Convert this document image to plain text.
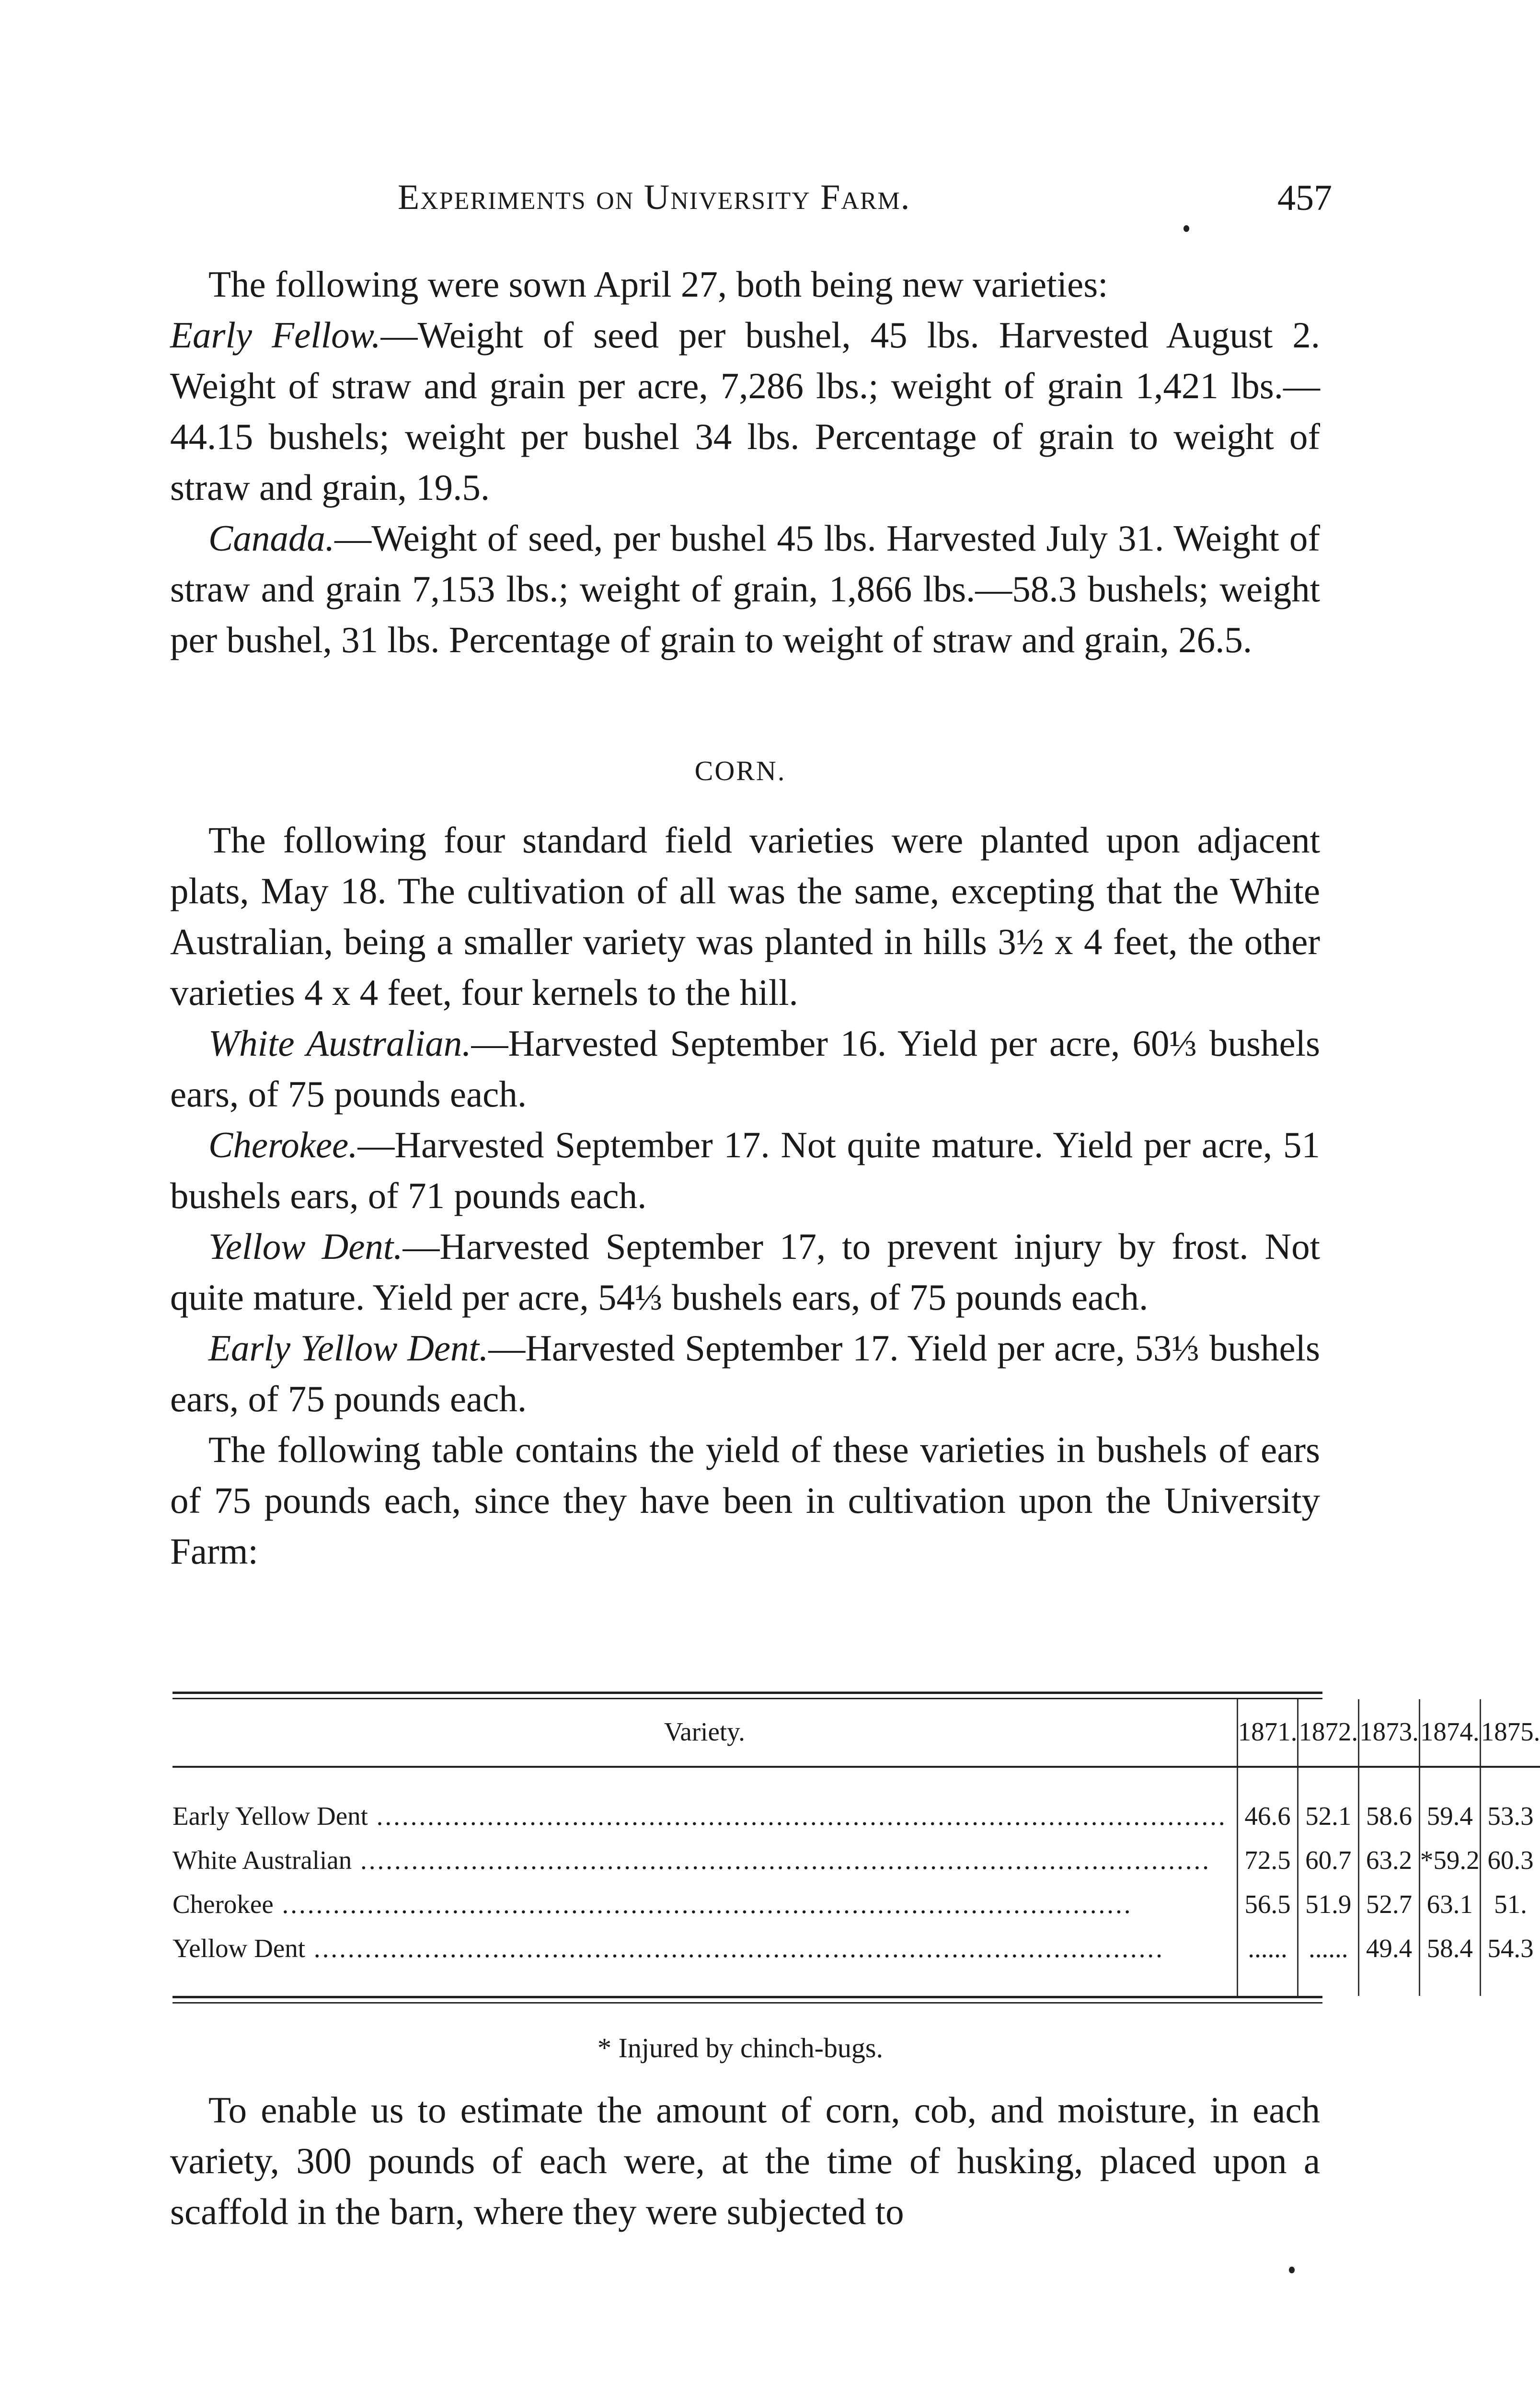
Experiments on University Farm.	457

The following were sown April 27, both being new varieties:

Early Fellow.—Weight of seed per bushel, 45 lbs. Harvested August 2. Weight of straw and grain per acre, 7,286 lbs.; weight of grain 1,421 lbs.—44.15 bushels; weight per bushel 34 lbs. Percentage of grain to weight of straw and grain, 19.5.

Canada.—Weight of seed, per bushel 45 lbs. Harvested July 31. Weight of straw and grain 7,153 lbs.; weight of grain, 1,866 lbs.—58.3 bushels; weight per bushel, 31 lbs. Percentage of grain to weight of straw and grain, 26.5.

CORN.

The following four standard field varieties were planted upon adjacent plats, May 18. The cultivation of all was the same, excepting that the White Australian, being a smaller variety was planted in hills 3½ x 4 feet, the other varieties 4 x 4 feet, four kernels to the hill.

White Australian.—Harvested September 16. Yield per acre, 60⅓ bushels ears, of 75 pounds each.

Cherokee.—Harvested September 17. Not quite mature. Yield per acre, 51 bushels ears, of 71 pounds each.

Yellow Dent.—Harvested September 17, to prevent injury by frost. Not quite mature. Yield per acre, 54⅓ bushels ears, of 75 pounds each.

Early Yellow Dent.—Harvested September 17. Yield per acre, 53⅓ bushels ears, of 75 pounds each.

The following table contains the yield of these varieties in bushels of ears of 75 pounds each, since they have been in cultivation upon the University Farm:

Variety.	1871.	1872.	1873.	1874.	1875.
Early Yellow Dent .....	46.6	52.1	58.6	59.4	53.3
White Australian .....	72.5	60.7	63.2	*59.2	60.3
Cherokee .....	56.5	51.9	52.7	63.1	51.
Yellow Dent .....	......	......	49.4	58.4	54.3
* Injured by chinch-bugs.

To enable us to estimate the amount of corn, cob, and moisture, in each variety, 300 pounds of each were, at the time of husking, placed upon a scaffold in the barn, where they were subjected to
